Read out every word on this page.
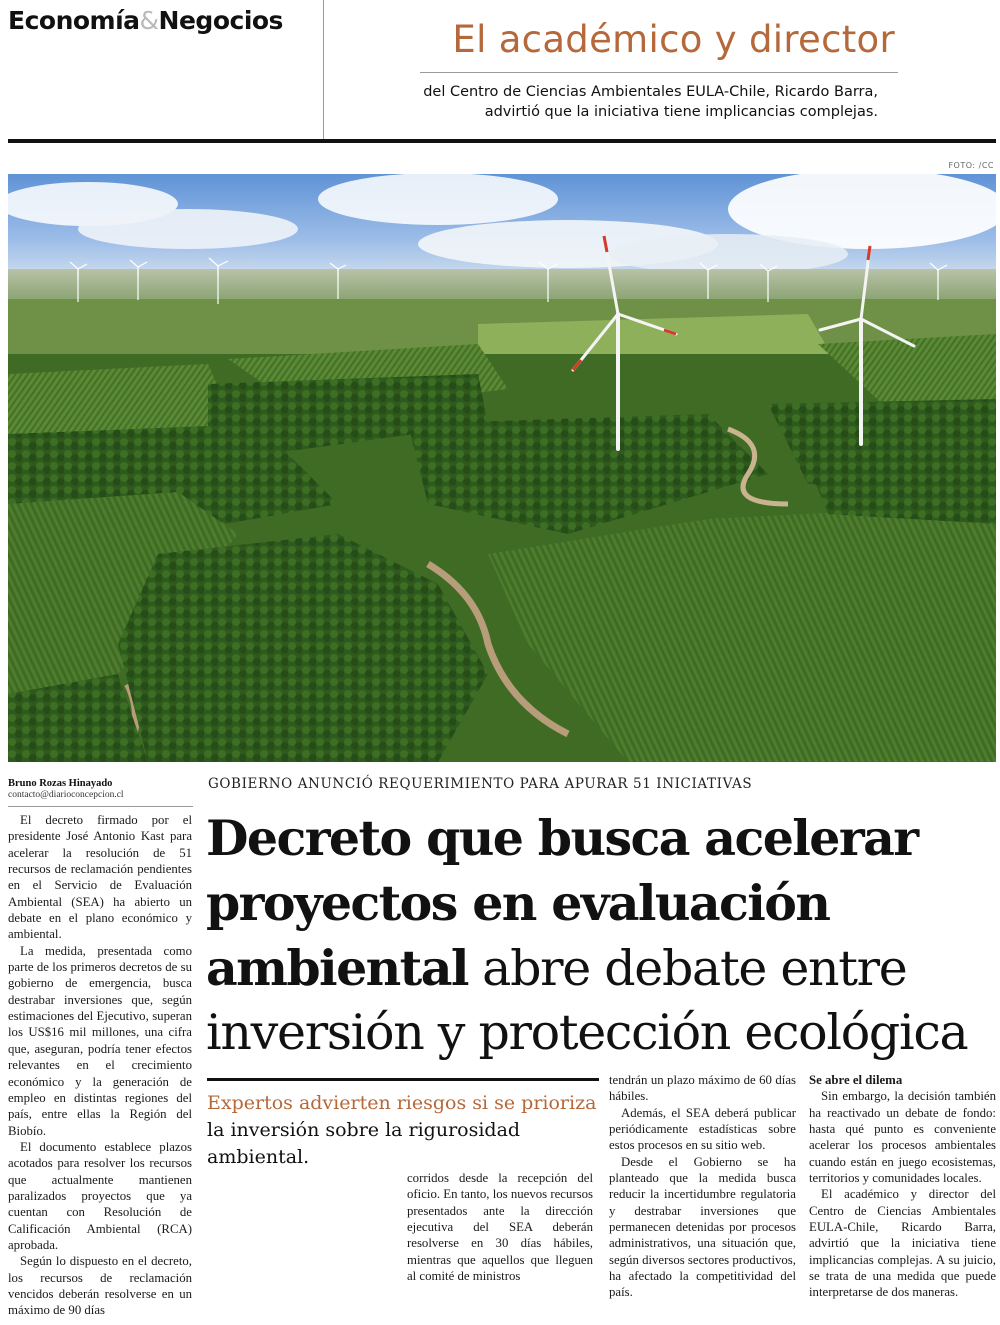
Economía&Negocios	El académico y director
del Centro de Ciencias Ambientales EULA-Chile, Ricardo Barra, advirtió que la iniciativa tiene implicancias complejas.
FOTO: /CC
Bruno Rozas Hinayado
contacto@diarioconcepcion.cl
GOBIERNO ANUNCIÓ REQUERIMIENTO PARA APURAR 51 INICIATIVAS
Decreto que busca acelerar proyectos en evaluación ambiental abre debate entre inversión y protección ecológica
Expertos advierten riesgos si se prioriza la inversión sobre la rigurosidad ambiental.

El decreto firmado por el presidente José Antonio Kast para acelerar la resolución de 51 recursos de reclamación pendientes en el Servicio de Evaluación Ambiental (SEA) ha abierto un debate en el plano económico y ambiental.

La medida, presentada como parte de los primeros decretos de su gobierno de emergencia, busca destrabar inversiones que, según estimaciones del Ejecutivo, superan los US$16 mil millones, una cifra que, aseguran, podría tener efectos relevantes en el crecimiento económico y la generación de empleo en distintas regiones del país, entre ellas la Región del Biobío.

El documento establece plazos acotados para resolver los recursos que actualmente mantienen paralizados proyectos que ya cuentan con Resolución de Calificación Ambiental (RCA) aprobada.

Según lo dispuesto en el decreto, los recursos de reclamación vencidos deberán resolverse en un máximo de 90 días

corridos desde la recepción del oficio. En tanto, los nuevos recursos presentados ante la dirección ejecutiva del SEA deberán resolverse en 30 días hábiles, mientras que aquellos que lleguen al comité de ministros

tendrán un plazo máximo de 60 días hábiles.

Además, el SEA deberá publicar periódicamente estadísticas sobre estos procesos en su sitio web.

Desde el Gobierno se ha planteado que la medida busca reducir la incertidumbre regulatoria y destrabar inversiones que permanecen detenidas por procesos administrativos, una situación que, según diversos sectores productivos, ha afectado la competitividad del país.

Se abre el dilema

Sin embargo, la decisión también ha reactivado un debate de fondo: hasta qué punto es conveniente acelerar los procesos ambientales cuando están en juego ecosistemas, territorios y comunidades locales.

El académico y director del Centro de Ciencias Ambientales EULA-Chile, Ricardo Barra, advirtió que la iniciativa tiene implicancias complejas. A su juicio, se trata de una medida que puede interpretarse de dos maneras.
